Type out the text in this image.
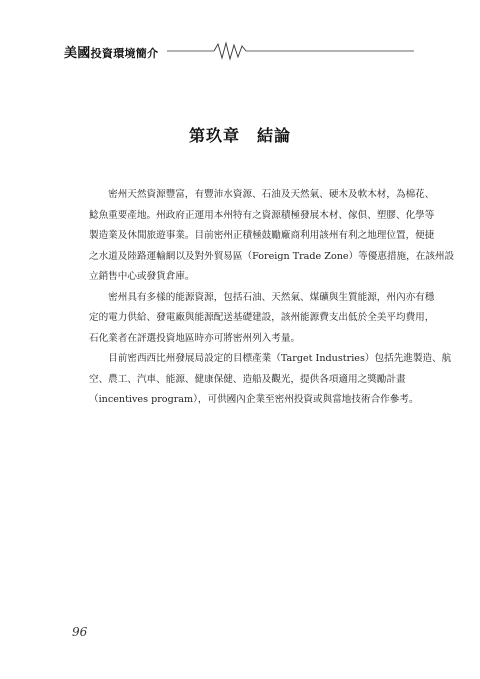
美國投資環境簡介
第玖章　結論

　　密州天然資源豐富，有豐沛水資源、石油及天然氣、硬木及軟木材，為棉花、
鯰魚重要產地。州政府正運用本州特有之資源積極發展木材、傢俱、塑膠、化學等
製造業及休閒旅遊事業。目前密州正積極鼓勵廠商利用該州有利之地理位置，便捷
之水道及陸路運輸網以及對外貿易區（Foreign Trade Zone）等優惠措施，在該州設
立銷售中心或發貨倉庫。

　　密州具有多樣的能源資源，包括石油、天然氣、煤礦與生質能源，州內亦有穩
定的電力供給、發電廠與能源配送基礎建設，該州能源費支出低於全美平均費用，
石化業者在評選投資地區時亦可將密州列入考量。

　　目前密西西比州發展局設定的目標產業（Target Industries）包括先進製造、航
空、農工、汽車、能源、健康保健、造船及觀光，提供各項適用之獎勵計畫
（incentives program），可供國內企業至密州投資或與當地技術合作參考。

96
